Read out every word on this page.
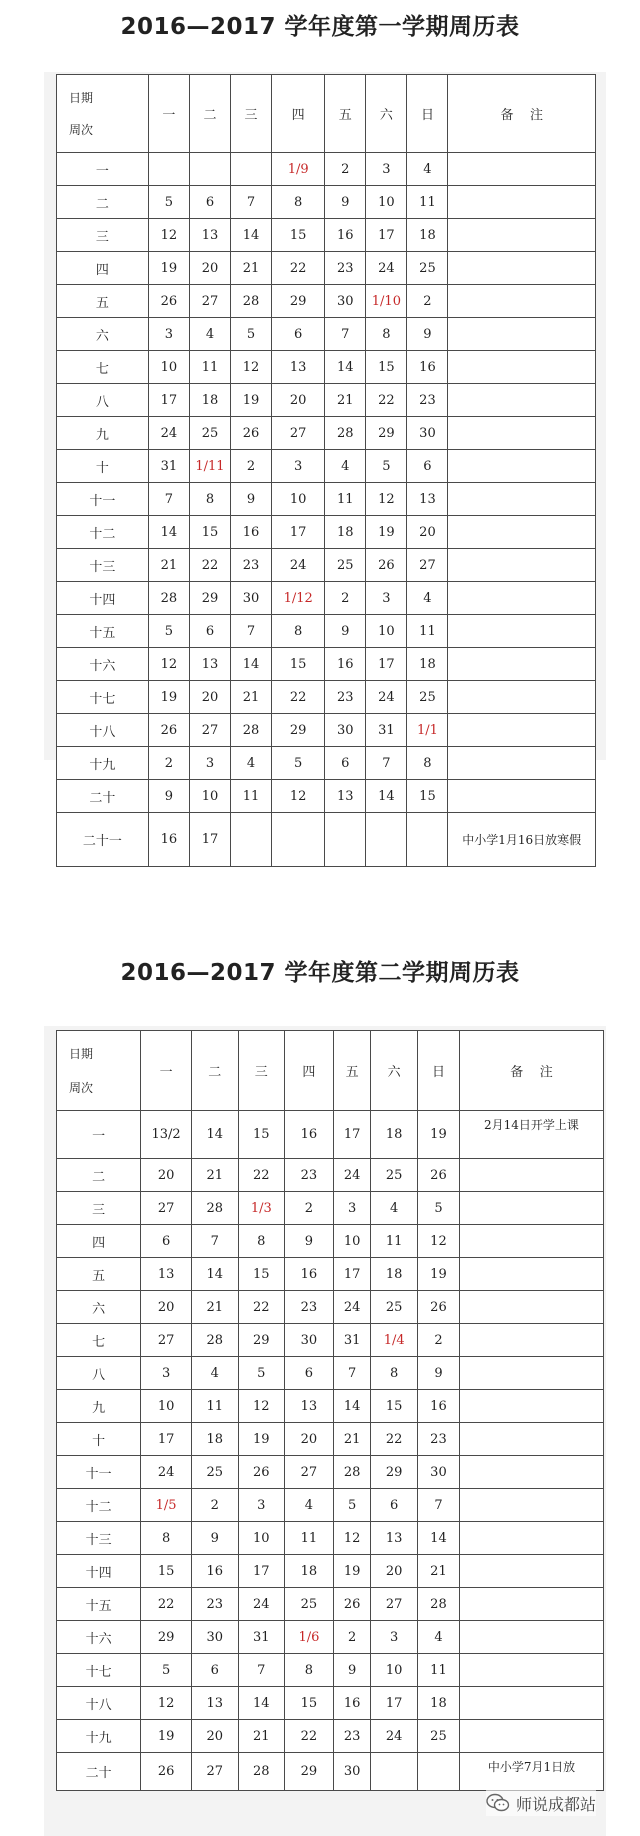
2016—2017 学年度第一学期周历表
日期
周次	一	二	三	四	五	六	日	备    注
一				1/9	2	3	4	
二	5	6	7	8	9	10	11	
三	12	13	14	15	16	17	18	
四	19	20	21	22	23	24	25	
五	26	27	28	29	30	1/10	2	
六	3	4	5	6	7	8	9	
七	10	11	12	13	14	15	16	
八	17	18	19	20	21	22	23	
九	24	25	26	27	28	29	30	
十	31	1/11	2	3	4	5	6	
十一	7	8	9	10	11	12	13	
十二	14	15	16	17	18	19	20	
十三	21	22	23	24	25	26	27	
十四	28	29	30	1/12	2	3	4	
十五	5	6	7	8	9	10	11	
十六	12	13	14	15	16	17	18	
十七	19	20	21	22	23	24	25	
十八	26	27	28	29	30	31	1/1	
十九	2	3	4	5	6	7	8	
二十	9	10	11	12	13	14	15	
二十一	16	17						中小学1月16日放寒假
2016—2017 学年度第二学期周历表
日期
周次	一	二	三	四	五	六	日	备    注
一	13/2	14	15	16	17	18	19	2月14日开学上课
二	20	21	22	23	24	25	26	
三	27	28	1/3	2	3	4	5	
四	6	7	8	9	10	11	12	
五	13	14	15	16	17	18	19	
六	20	21	22	23	24	25	26	
七	27	28	29	30	31	1/4	2	
八	3	4	5	6	7	8	9	
九	10	11	12	13	14	15	16	
十	17	18	19	20	21	22	23	
十一	24	25	26	27	28	29	30	
十二	1/5	2	3	4	5	6	7	
十三	8	9	10	11	12	13	14	
十四	15	16	17	18	19	20	21	
十五	22	23	24	25	26	27	28	
十六	29	30	31	1/6	2	3	4	
十七	5	6	7	8	9	10	11	
十八	12	13	14	15	16	17	18	
十九	19	20	21	22	23	24	25	
二十	26	27	28	29	30			中小学7月1日放
师说成都站
